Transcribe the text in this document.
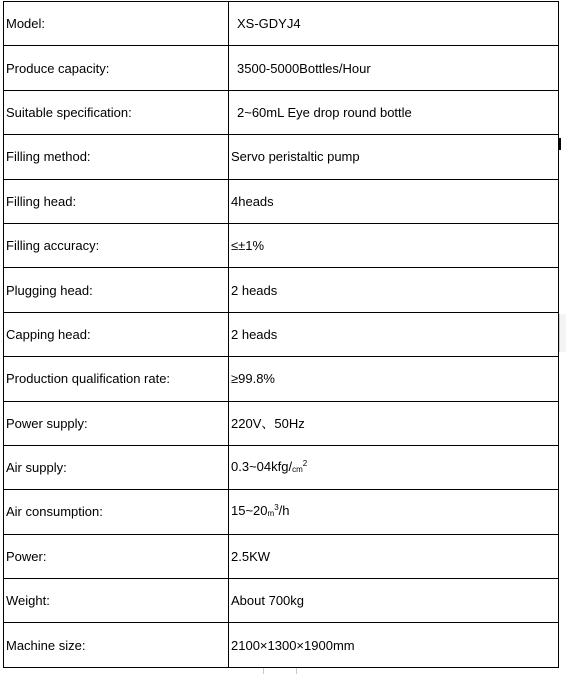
Model:	XS-GDYJ4
Produce capacity:	3500-5000Bottles/Hour
Suitable specification:	2~60mL Eye drop round bottle
Filling method:	Servo peristaltic pump
Filling head:	4heads
Filling accuracy:	≤±1%
Plugging head:	2 heads
Capping head:	2 heads
Production qualification rate:	≥99.8%
Power supply:	220V、50Hz
Air supply:	$0.3\sim 04kfg/cm^2$
Air consumption:	$15\sim 20m^3/h$
Power:	2.5KW
Weight:	About 700kg
Machine size:	2100×1300×1900mm
